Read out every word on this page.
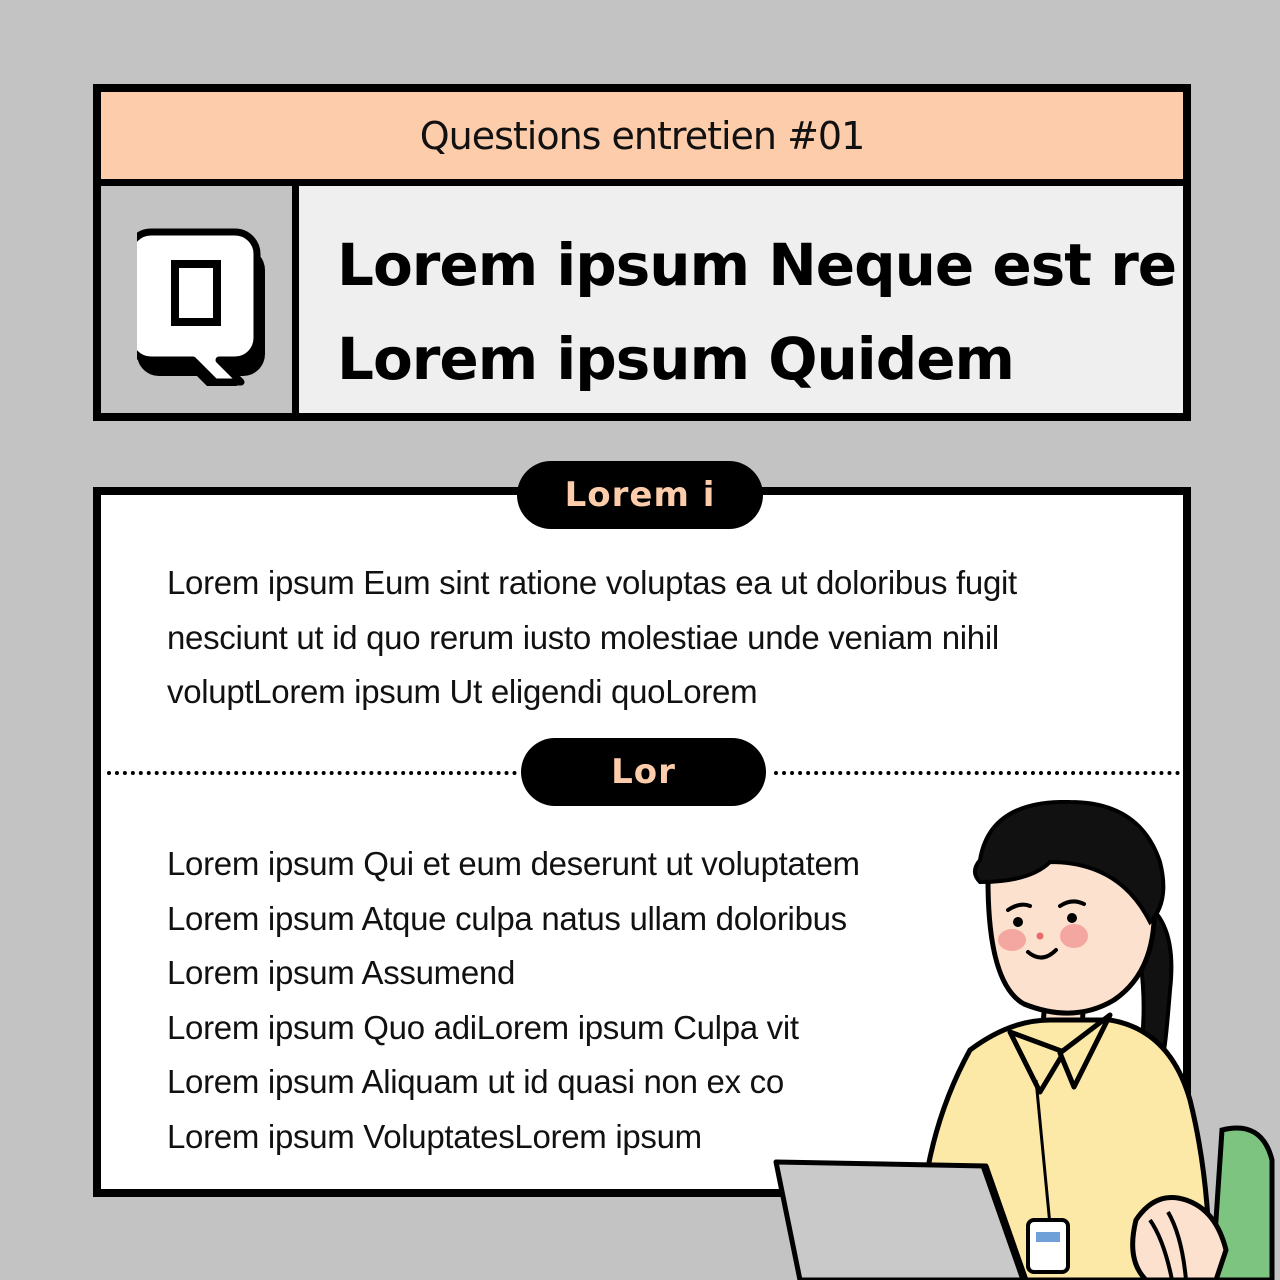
Questions entretien #01
Lorem ipsum Neque est re
Lorem ipsum Quidem
Lorem i
Lorem ipsum Eum sint ratione voluptas ea ut doloribus fugit
nesciunt ut id quo rerum iusto molestiae unde veniam nihil
voluptLorem ipsum Ut eligendi quoLorem
Lor
Lorem ipsum Qui et eum deserunt ut voluptatem
Lorem ipsum Atque culpa natus ullam doloribus
Lorem ipsum Assumend
Lorem ipsum Quo adiLorem ipsum Culpa vit
Lorem ipsum Aliquam ut id quasi non ex co
Lorem ipsum VoluptatesLorem ipsum
